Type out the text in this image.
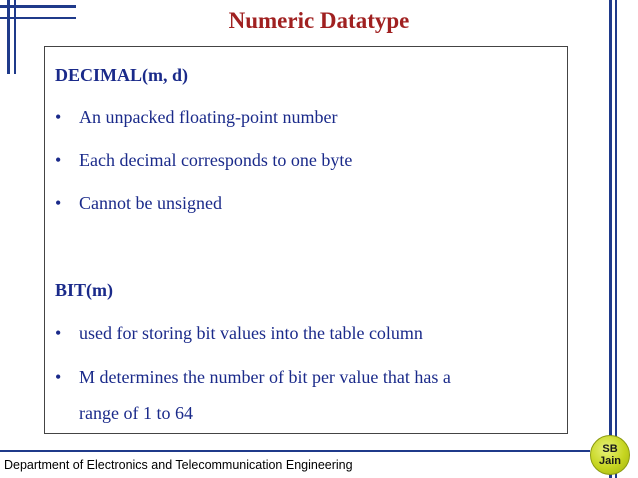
Numeric Datatype
DECIMAL(m, d)
• An unpacked floating-point number
• Each decimal corresponds to one byte
• Cannot be unsigned
BIT(m)
• used for storing bit values into the table column
• M determines the number of bit per value that has a
range of 1 to 64
Department of Electronics and Telecommunication Engineering
SB
Jain
